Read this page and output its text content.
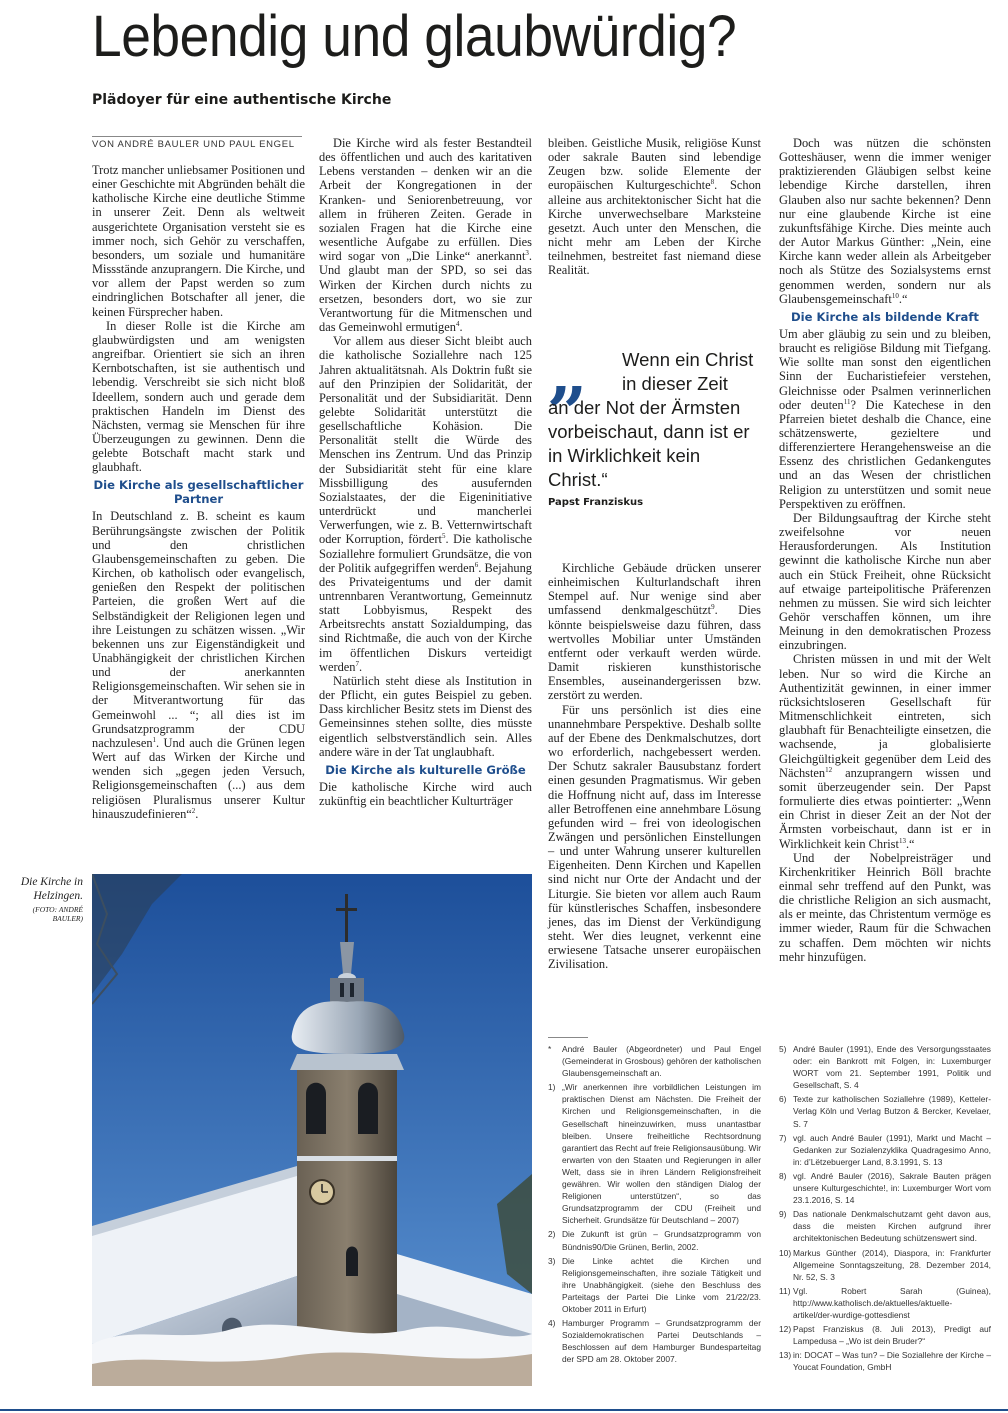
Lebendig und glaubwürdig?
Plädoyer für eine authentische Kirche
VON ANDRÉ BAULER UND PAUL ENGEL

Trotz mancher unliebsamer Positionen und einer Geschichte mit Abgründen behält die katholische Kirche eine deutliche Stimme in unserer Zeit. Denn als weltweit ausgerichtete Organisation versteht sie es immer noch, sich Gehör zu verschaffen, besonders, um soziale und humanitäre Missstände anzuprangern. Die Kirche, und vor allem der Papst werden so zum eindringlichen Botschafter all jener, die keinen Fürsprecher haben.

In dieser Rolle ist die Kirche am glaubwürdigsten und am wenigsten angreifbar. Orientiert sie sich an ihren Kernbotschaften, ist sie authentisch und lebendig. Verschreibt sie sich nicht bloß Ideellem, sondern auch und gerade dem praktischen Handeln im Dienst des Nächsten, vermag sie Menschen für ihre Überzeugungen zu gewinnen. Denn die gelebte Botschaft macht stark und glaubhaft.

Die Kirche als gesellschaftlicher Partner

In Deutschland z. B. scheint es kaum Berührungsängste zwischen der Politik und den christlichen Glaubensgemeinschaften zu geben. Die Kirchen, ob katholisch oder evangelisch, genießen den Respekt der politischen Parteien, die großen Wert auf die Selbständigkeit der Religionen legen und ihre Leistungen zu schätzen wissen. „Wir bekennen uns zur Eigenständigkeit und Unabhängigkeit der christlichen Kirchen und der anerkannten Religionsgemeinschaften. Wir sehen sie in der Mitverantwortung für das Gemeinwohl ... “; all dies ist im Grundsatzprogramm der CDU nachzulesen$^1$. Und auch die Grünen legen Wert auf das Wirken der Kirche und wenden sich „gegen jeden Versuch, Religionsgemeinschaften (...) aus dem religiösen Pluralismus unserer Kultur hinauszudefinieren“$^2$.

Die Kirche wird als fester Bestandteil des öffentlichen und auch des karitativen Lebens verstanden – denken wir an die Arbeit der Kongregationen in der Kranken- und Seniorenbetreuung, vor allem in früheren Zeiten. Gerade in sozialen Fragen hat die Kirche eine wesentliche Aufgabe zu erfüllen. Dies wird sogar von „Die Linke“ anerkannt$^3$. Und glaubt man der SPD, so sei das Wirken der Kirchen durch nichts zu ersetzen, besonders dort, wo sie zur Verantwortung für die Mitmenschen und das Gemeinwohl ermutigen$^4$.

Vor allem aus dieser Sicht bleibt auch die katholische Soziallehre nach 125 Jahren aktualitätsnah. Als Doktrin fußt sie auf den Prinzipien der Solidarität, der Personalität und der Subsidiarität. Denn gelebte Solidarität unterstützt die gesellschaftliche Kohäsion. Die Personalität stellt die Würde des Menschen ins Zentrum. Und das Prinzip der Subsidiarität steht für eine klare Missbilligung des ausufernden Sozialstaates, der die Eigeninitiative unterdrückt und mancherlei Verwerfungen, wie z. B. Vetternwirtschaft oder Korruption, fördert$^5$. Die katholische Soziallehre formuliert Grundsätze, die von der Politik aufgegriffen werden$^6$. Bejahung des Privateigentums und der damit untrennbaren Verantwortung, Gemeinnutz statt Lobbyismus, Respekt des Arbeitsrechts anstatt Sozialdumping, das sind Richtmaße, die auch von der Kirche im öffentlichen Diskurs verteidigt werden$^7$.

Natürlich steht diese als Institution in der Pflicht, ein gutes Beispiel zu geben. Dass kirchlicher Besitz stets im Dienst des Gemeinsinnes stehen sollte, dies müsste eigentlich selbstverständlich sein. Alles andere wäre in der Tat unglaubhaft.

Die Kirche als kulturelle Größe

Die katholische Kirche wird auch zukünftig ein beachtlicher Kulturträger

bleiben. Geistliche Musik, religiöse Kunst oder sakrale Bauten sind lebendige Zeugen bzw. solide Elemente der europäischen Kulturgeschichte$^8$. Schon alleine aus architektonischer Sicht hat die Kirche unverwechselbare Marksteine gesetzt. Auch unter den Menschen, die nicht mehr am Leben der Kirche teilnehmen, bestreitet fast niemand diese Realität.

„	Wenn ein Christ
in dieser Zeit
an der Not der Ärmsten vorbeischaut, dann ist er in Wirklichkeit kein Christ.“
Papst Franziskus

Kirchliche Gebäude drücken unserer einheimischen Kulturlandschaft ihren Stempel auf. Nur wenige sind aber umfassend denkmalgeschützt$^9$. Dies könnte beispielsweise dazu führen, dass wertvolles Mobiliar unter Umständen entfernt oder verkauft werden würde. Damit riskieren kunsthistorische Ensembles, auseinandergerissen bzw. zerstört zu werden.

Für uns persönlich ist dies eine unannehmbare Perspektive. Deshalb sollte auf der Ebene des Denkmalschutzes, dort wo erforderlich, nachgebessert werden. Der Schutz sakraler Bausubstanz fordert einen gesunden Pragmatismus. Wir geben die Hoffnung nicht auf, dass im Interesse aller Betroffenen eine annehmbare Lösung gefunden wird – frei von ideologischen Zwängen und persönlichen Einstellungen – und unter Wahrung unserer kulturellen Eigenheiten. Denn Kirchen und Kapellen sind nicht nur Orte der Andacht und der Liturgie. Sie bieten vor allem auch Raum für künstlerisches Schaffen, insbesondere jenes, das im Dienst der Verkündigung steht. Wer dies leugnet, verkennt eine erwiesene Tatsache unserer europäischen Zivilisation.

Doch was nützen die schönsten Gotteshäuser, wenn die immer weniger praktizierenden Gläubigen selbst keine lebendige Kirche darstellen, ihren Glauben also nur sachte bekennen? Denn nur eine glaubende Kirche ist eine zukunftsfähige Kirche. Dies meinte auch der Autor Markus Günther: „Nein, eine Kirche kann weder allein als Arbeitgeber noch als Stütze des Sozialsystems ernst genommen werden, sondern nur als Glaubensgemeinschaft$^{10}$.“

Die Kirche als bildende Kraft

Um aber gläubig zu sein und zu bleiben, braucht es religiöse Bildung mit Tiefgang. Wie sollte man sonst den eigentlichen Sinn der Eucharistiefeier verstehen, Gleichnisse oder Psalmen verinnerlichen oder deuten$^{11}$? Die Katechese in den Pfarreien bietet deshalb die Chance, eine schätzenswerte, gezieltere und differenziertere Herangehensweise an die Essenz des christlichen Gedankengutes und an das Wesen der christlichen Religion zu unterstützen und somit neue Perspektiven zu eröffnen.

Der Bildungsauftrag der Kirche steht zweifelsohne vor neuen Herausforderungen. Als Institution gewinnt die katholische Kirche nun aber auch ein Stück Freiheit, ohne Rücksicht auf etwaige parteipolitische Präferenzen nehmen zu müssen. Sie wird sich leichter Gehör verschaffen können, um ihre Meinung in den demokratischen Prozess einzubringen.

Christen müssen in und mit der Welt leben. Nur so wird die Kirche an Authentizität gewinnen, in einer immer rücksichtsloseren Gesellschaft für Mitmenschlichkeit eintreten, sich glaubhaft für Benachteiligte einsetzen, die wachsende, ja globalisierte Gleichgültigkeit gegenüber dem Leid des Nächsten$^{12}$ anzuprangern wissen und somit überzeugender sein. Der Papst formulierte dies etwas pointierter: „Wenn ein Christ in dieser Zeit an der Not der Ärmsten vorbeischaut, dann ist er in Wirklichkeit kein Christ$^{13}$.“

Und der Nobelpreisträger und Kirchenkritiker Heinrich Böll brachte einmal sehr treffend auf den Punkt, was die christliche Religion an sich ausmacht, als er meinte, das Christentum vermöge es immer wieder, Raum für die Schwachen zu schaffen. Dem möchten wir nichts mehr hinzufügen.

Die Kirche in Helzingen.
(FOTO: ANDRÉ BAULER)
*	André Bauler (Abgeordneter) und Paul Engel (Gemeinderat in Grosbous) gehören der katholischen Glaubensgemeinschaft an.
1) „Wir anerkennen ihre vorbildlichen Leistungen im praktischen Dienst am Nächsten. Die Freiheit der Kirchen und Religionsgemeinschaften, in die Gesellschaft hineinzuwirken, muss unantastbar bleiben. Unsere freiheitliche Rechtsordnung garantiert das Recht auf freie Religionsausübung. Wir erwarten von den Staaten und Regierungen in aller Welt, dass sie in ihren Ländern Religionsfreiheit gewähren. Wir wollen den ständigen Dialog der Religionen unterstützen“, so das Grundsatzprogramm der CDU (Freiheit und Sicherheit. Grundsätze für Deutschland – 2007)
2) Die Zukunft ist grün – Grundsatzprogramm von Bündnis90/Die Grünen, Berlin, 2002.
3) Die Linke achtet die Kirchen und Religionsgemeinschaften, ihre soziale Tätigkeit und ihre Unabhängigkeit. (siehe den Beschluss des Parteitags der Partei Die Linke vom 21/22/23. Oktober 2011 in Erfurt)
4) Hamburger Programm – Grundsatzprogramm der Sozialdemokratischen Partei Deutschlands – Beschlossen auf dem Hamburger Bundesparteitag der SPD am 28. Oktober 2007.
5) André Bauler (1991), Ende des Versorgungsstaates oder: ein Bankrott mit Folgen, in: Luxemburger WORT vom 21. September 1991, Politik und Gesellschaft, S. 4
6) Texte zur katholischen Soziallehre (1989), Ketteler-Verlag Köln und Verlag Butzon & Bercker, Kevelaer, S. 7
7) vgl. auch André Bauler (1991), Markt und Macht – Gedanken zur Sozialenzyklika Quadragesimo Anno, in: d’Lëtzebuerger Land, 8.3.1991, S. 13
8) vgl. André Bauler (2016), Sakrale Bauten prägen unsere Kulturgeschichte!, in: Luxemburger Wort vom 23.1.2016, S. 14
9) Das nationale Denkmalschutzamt geht davon aus, dass die meisten Kirchen aufgrund ihrer architektonischen Bedeutung schützenswert sind.
10) Markus Günther (2014), Diaspora, in: Frankfurter Allgemeine Sonntagszeitung, 28. Dezember 2014, Nr. 52, S. 3
11) Vgl. Robert Sarah (Guinea), http://www.katholisch.de/aktuelles/aktuelle-artikel/der-wurdige-gottesdienst
12) Papst Franziskus (8. Juli 2013), Predigt auf Lampedusa – „Wo ist dein Bruder?“
13) in: DOCAT – Was tun? – Die Soziallehre der Kirche – Youcat Foundation, GmbH
